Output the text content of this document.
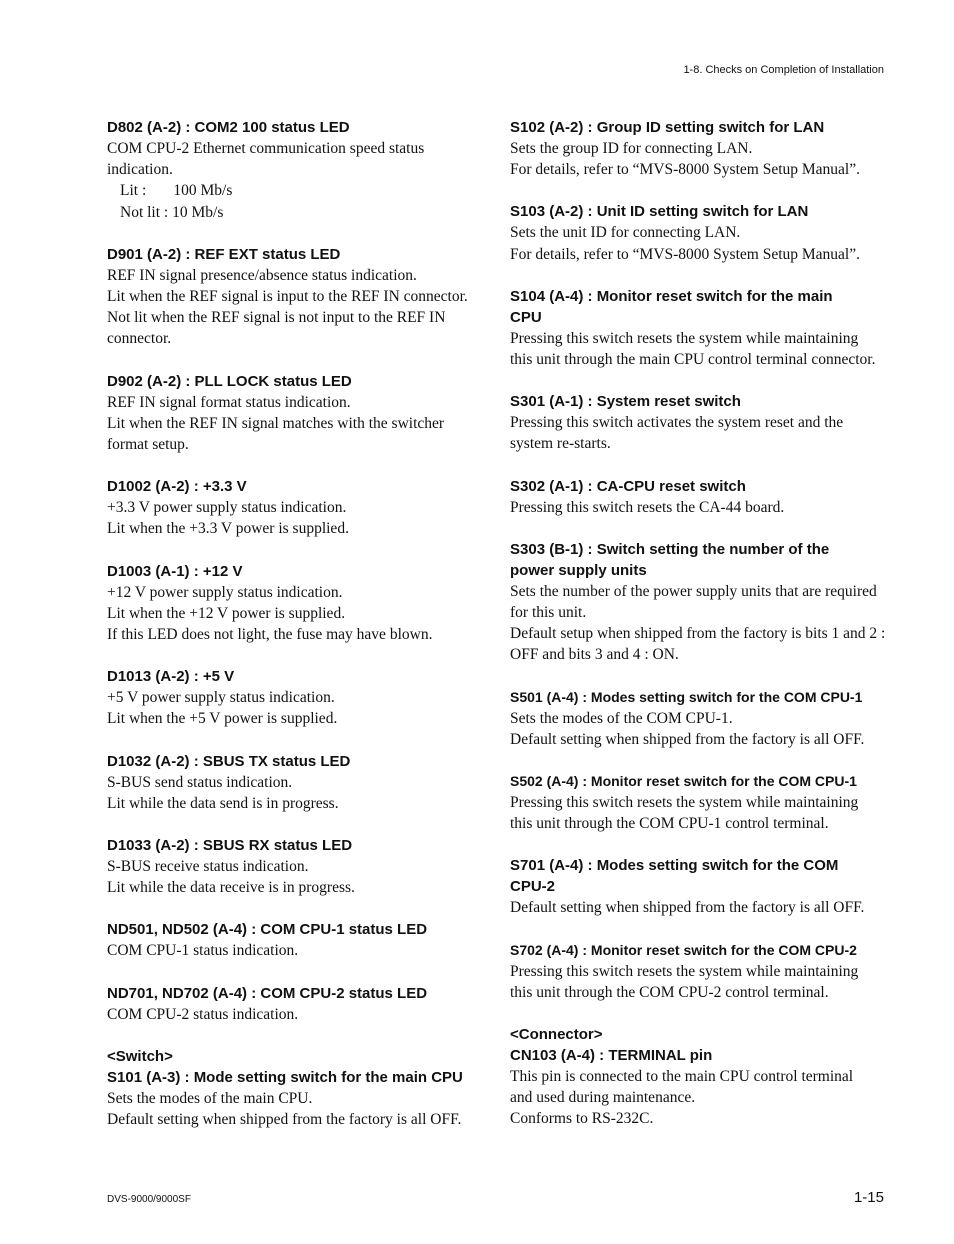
1-8. Checks on Completion of Installation
D802 (A-2) : COM2 100 status LED

COM CPU-2 Ethernet communication speed status

indication.

Lit :       100 Mb/s

Not lit : 10 Mb/s

D901 (A-2) : REF EXT status LED

REF IN signal presence/absence status indication.

Lit when the REF signal is input to the REF IN connector.

Not lit when the REF signal is not input to the REF IN

connector.

D902 (A-2) : PLL LOCK status LED

REF IN signal format status indication.

Lit when the REF IN signal matches with the switcher

format setup.

D1002 (A-2) : +3.3 V

+3.3 V power supply status indication.

Lit when the +3.3 V power is supplied.

D1003 (A-1) : +12 V

+12 V power supply status indication.

Lit when the +12 V power is supplied.

If this LED does not light, the fuse may have blown.

D1013 (A-2) : +5 V

+5 V power supply status indication.

Lit when the +5 V power is supplied.

D1032 (A-2) : SBUS TX status LED

S-BUS send status indication.

Lit while the data send is in progress.

D1033 (A-2) : SBUS RX status LED

S-BUS receive status indication.

Lit while the data receive is in progress.

ND501, ND502 (A-4) : COM CPU-1 status LED

COM CPU-1 status indication.

ND701, ND702 (A-4) : COM CPU-2 status LED

COM CPU-2 status indication.

<Switch>
S101 (A-3) : Mode setting switch for the main CPU

Sets the modes of the main CPU.

Default setting when shipped from the factory is all OFF.

S102 (A-2) : Group ID setting switch for LAN

Sets the group ID for connecting LAN.

For details, refer to “MVS-8000 System Setup Manual”.

S103 (A-2) : Unit ID setting switch for LAN

Sets the unit ID for connecting LAN.

For details, refer to “MVS-8000 System Setup Manual”.

S104 (A-4) : Monitor reset switch for the main
CPU

Pressing this switch resets the system while maintaining

this unit through the main CPU control terminal connector.

S301 (A-1) : System reset switch

Pressing this switch activates the system reset and the

system re-starts.

S302 (A-1) : CA-CPU reset switch

Pressing this switch resets the CA-44 board.

S303 (B-1) : Switch setting the number of the
power supply units

Sets the number of the power supply units that are required

for this unit.

Default setup when shipped from the factory is bits 1 and 2 :

OFF and bits 3 and 4 : ON.

S501 (A-4) : Modes setting switch for the COM CPU-1

Sets the modes of the COM CPU-1.

Default setting when shipped from the factory is all OFF.

S502 (A-4) : Monitor reset switch for the COM CPU-1

Pressing this switch resets the system while maintaining

this unit through the COM CPU-1 control terminal.

S701 (A-4) : Modes setting switch for the COM
CPU-2

Default setting when shipped from the factory is all OFF.

S702 (A-4) : Monitor reset switch for the COM CPU-2

Pressing this switch resets the system while maintaining

this unit through the COM CPU-2 control terminal.

<Connector>
CN103 (A-4) : TERMINAL pin

This pin is connected to the main CPU control terminal

and used during maintenance.

Conforms to RS-232C.

DVS-9000/9000SF	1-15
